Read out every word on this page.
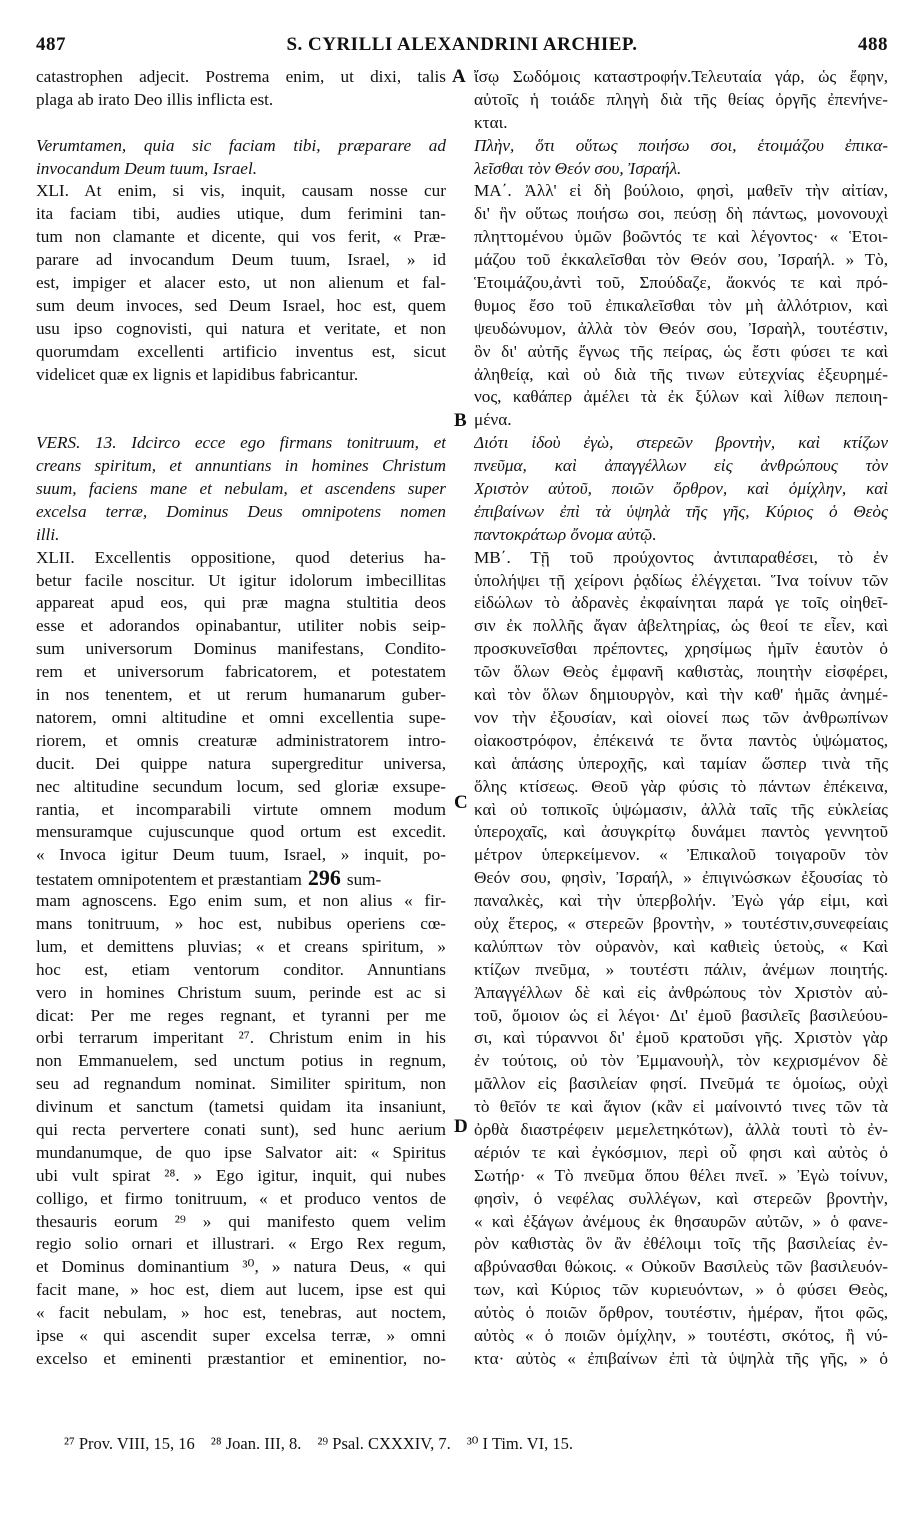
487	S. CYRILLI ALEXANDRINI ARCHIEP.	488
catastrophen adjecit. Postrema enim, ut dixi, talis
plaga ab irato Deo illis inflicta est.
Verumtamen, quia sic faciam tibi, præparare ad
invocandum Deum tuum, Israel.
XLI. At enim, si vis, inquit, causam nosse cur
ita faciam tibi, audies utique, dum ferimini tan-
tum non clamante et dicente, qui vos ferit, « Præ-
parare ad invocandum Deum tuum, Israel, » id
est, impiger et alacer esto, ut non alienum et fal-
sum deum invoces, sed Deum Israel, hoc est, quem
usu ipso cognovisti, qui natura et veritate, et non
quorumdam excellenti artificio inventus est, sicut
videlicet quæ ex lignis et lapidibus fabricantur.
VERS. 13. Idcirco ecce ego firmans tonitruum, et
creans spiritum, et annuntians in homines Christum
suum, faciens mane et nebulam, et ascendens super
excelsa terræ, Dominus Deus omnipotens nomen
illi.
XLII. Excellentis oppositione, quod deterius ha-
betur facile noscitur. Ut igitur idolorum imbecillitas
appareat apud eos, qui præ magna stultitia deos
esse et adorandos opinabantur, utiliter nobis seip-
sum universorum Dominus manifestans, Condito-
rem et universorum fabricatorem, et potestatem
in nos tenentem, et ut rerum humanarum guber-
natorem, omni altitudine et omni excellentia supe-
riorem, et omnis creaturæ administratorem intro-
ducit. Dei quippe natura supergreditur universa,
nec altitudine secundum locum, sed gloriæ exsupe-
rantia, et incomparabili virtute omnem modum
mensuramque cujuscunque quod ortum est excedit.
« Invoca igitur Deum tuum, Israel, » inquit, po-
testatem omnipotentem et præstantiam 296 sum-
mam agnoscens. Ego enim sum, et non alius « fir-
mans tonitruum, » hoc est, nubibus operiens cœ-
lum, et demittens pluvias; « et creans spiritum, »
hoc est, etiam ventorum conditor. Annuntians
vero in homines Christum suum, perinde est ac si
dicat: Per me reges regnant, et tyranni per me
orbi terrarum imperitant ²⁷. Christum enim in his
non Emmanuelem, sed unctum potius in regnum,
seu ad regnandum nominat. Similiter spiritum, non
divinum et sanctum (tametsi quidam ita insaniunt,
qui recta pervertere conati sunt), sed hunc aerium
mundanumque, de quo ipse Salvator ait: « Spiritus
ubi vult spirat ²⁸. » Ego igitur, inquit, qui nubes
colligo, et firmo tonitruum, « et produco ventos de
thesauris eorum ²⁹ » qui manifesto quem velim
regio solio ornari et illustrari. « Ergo Rex regum,
et Dominus dominantium ³⁰, » natura Deus, « qui
facit mane, » hoc est, diem aut lucem, ipse est qui
« facit nebulam, » hoc est, tenebras, aut noctem,
ipse « qui ascendit super excelsa terræ, » omni
excelso et eminenti præstantior et eminentior, no-
ἴσῳ Σωδόμοις καταστροφήν.Τελευταία γάρ, ὡς ἔφην,
αὐτοῖς ἡ τοιάδε πληγὴ διὰ τῆς θείας ὀργῆς ἐπενήνε-
κται.
Πλὴν, ὅτι οὕτως ποιήσω σοι, ἑτοιμάζου ἐπικα-
λεῖσθαι τὸν Θεόν σου, Ἰσραήλ.
ΜΑ΄. Ἀλλ' εἰ δὴ βούλοιο, φησὶ, μαθεῖν τὴν αἰτίαν,
δι' ἣν οὕτως ποιήσω σοι, πεύσῃ δὴ πάντως, μονονουχὶ
πληττομένου ὑμῶν βοῶντός τε καὶ λέγοντος· « Ἑτοι-
μάζου τοῦ ἐκκαλεῖσθαι τὸν Θεόν σου, Ἰσραήλ. » Τὸ,
Ἑτοιμάζου,ἀντὶ τοῦ, Σπούδαζε, ἄοκνός τε καὶ πρό-
θυμος ἔσο τοῦ ἐπικαλεῖσθαι τὸν μὴ ἀλλότριον, καὶ
ψευδώνυμον, ἀλλὰ τὸν Θεόν σου, Ἰσραὴλ, τουτέστιν,
ὃν δι' αὐτῆς ἔγνως τῆς πείρας, ὡς ἔστι φύσει τε καὶ
ἀληθείᾳ, καὶ οὐ διὰ τῆς τινων εὐτεχνίας ἐξευρημέ-
νος, καθάπερ ἀμέλει τὰ ἐκ ξύλων καὶ λίθων πεποιη-
μένα.
Διότι ἰδοὺ ἐγὼ, στερεῶν βροντὴν, καὶ κτίζων
πνεῦμα, καὶ ἀπαγγέλλων εἰς ἀνθρώπους τὸν
Χριστὸν αὐτοῦ, ποιῶν ὄρθρον, καὶ ὁμίχλην, καὶ
ἐπιβαίνων ἐπὶ τὰ ὑψηλὰ τῆς γῆς, Κύριος ὁ Θεὸς
παντοκράτωρ ὄνομα αὐτῷ.
ΜΒ΄. Τῇ τοῦ προύχοντος ἀντιπαραθέσει, τὸ ἐν
ὑπολήψει τῇ χείρονι ῥᾳδίως ἐλέγχεται. Ἵνα τοίνυν τῶν
εἰδώλων τὸ ἀδρανὲς ἐκφαίνηται παρά γε τοῖς οἰηθεῖ-
σιν ἐκ πολλῆς ἄγαν ἀβελτηρίας, ὡς θεοί τε εἶεν, καὶ
προσκυνεῖσθαι πρέποντες, χρησίμως ἡμῖν ἑαυτὸν ὁ
τῶν ὅλων Θεὸς ἐμφανῆ καθιστὰς, ποιητὴν εἰσφέρει,
καὶ τὸν ὅλων δημιουργὸν, καὶ τὴν καθ' ἡμᾶς ἀνημέ-
νον τὴν ἐξουσίαν, καὶ οἱονεί πως τῶν ἀνθρωπίνων
οἰακοστρόφον, ἐπέκεινά τε ὄντα παντὸς ὑψώματος,
καὶ ἁπάσης ὑπεροχῆς, καὶ ταμίαν ὥσπερ τινὰ τῆς
ὅλης κτίσεως. Θεοῦ γὰρ φύσις τὸ πάντων ἐπέκεινα,
καὶ οὐ τοπικοῖς ὑψώμασιν, ἀλλὰ ταῖς τῆς εὐκλείας
ὑπεροχαῖς, καὶ ἀσυγκρίτῳ δυνάμει παντὸς γεννητοῦ
μέτρον ὑπερκείμενον. « Ἐπικαλοῦ τοιγαροῦν τὸν
Θεόν σου, φησὶν, Ἰσραήλ, » ἐπιγινώσκων ἐξουσίας τὸ
παναλκὲς, καὶ τὴν ὑπερβολήν. Ἐγὼ γάρ εἰμι, καὶ
οὐχ ἕτερος, « στερεῶν βροντὴν, » τουτέστιν,συνεφείαις
καλύπτων τὸν οὐρανὸν, καὶ καθιεὶς ὑετοὺς, « Καὶ
κτίζων πνεῦμα, » τουτέστι πάλιν, ἀνέμων ποιητής.
Ἀπαγγέλλων δὲ καὶ εἰς ἀνθρώπους τὸν Χριστὸν αὐ-
τοῦ, ὅμοιον ὡς εἰ λέγοι· Δι' ἐμοῦ βασιλεῖς βασιλεύου-
σι, καὶ τύραννοι δι' ἐμοῦ κρατοῦσι γῆς. Χριστὸν γὰρ
ἐν τούτοις, οὐ τὸν Ἐμμανουὴλ, τὸν κεχρισμένον δὲ
μᾶλλον εἰς βασιλείαν φησί. Πνεῦμά τε ὁμοίως, οὐχὶ
τὸ θεῖόν τε καὶ ἅγιον (κἂν εἰ μαίνοιντό τινες τῶν τὰ
ὀρθὰ διαστρέφειν μεμελετηκότων), ἀλλὰ τουτὶ τὸ ἐν-
αέριόν τε καὶ ἐγκόσμιον, περὶ οὗ φησι καὶ αὐτὸς ὁ
Σωτήρ· « Τὸ πνεῦμα ὅπου θέλει πνεῖ. » Ἐγὼ τοίνυν,
φησὶν, ὁ νεφέλας συλλέγων, καὶ στερεῶν βροντὴν,
« καὶ ἐξάγων ἀνέμους ἐκ θησαυρῶν αὐτῶν, » ὁ φανε-
ρὸν καθιστὰς ὃν ἂν ἐθέλοιμι τοῖς τῆς βασιλείας ἐν-
αβρύνασθαι θώκοις. « Οὐκοῦν Βασιλεὺς τῶν βασιλευόν-
των, καὶ Κύριος τῶν κυριευόντων, » ὁ φύσει Θεὸς,
αὐτὸς ὁ ποιῶν ὄρθρον, τουτέστιν, ἡμέραν, ἤτοι φῶς,
αὐτὸς « ὁ ποιῶν ὁμίχλην, » τουτέστι, σκότος, ἢ νύ-
κτα· αὐτὸς « ἐπιβαίνων ἐπὶ τὰ ὑψηλὰ τῆς γῆς, » ὁ
A
B
C
D
²⁷ Prov. VIII, 15, 16 ²⁸ Joan. III, 8. ²⁹ Psal. CXXXIV, 7. ³⁰ I Tim. VI, 15.
